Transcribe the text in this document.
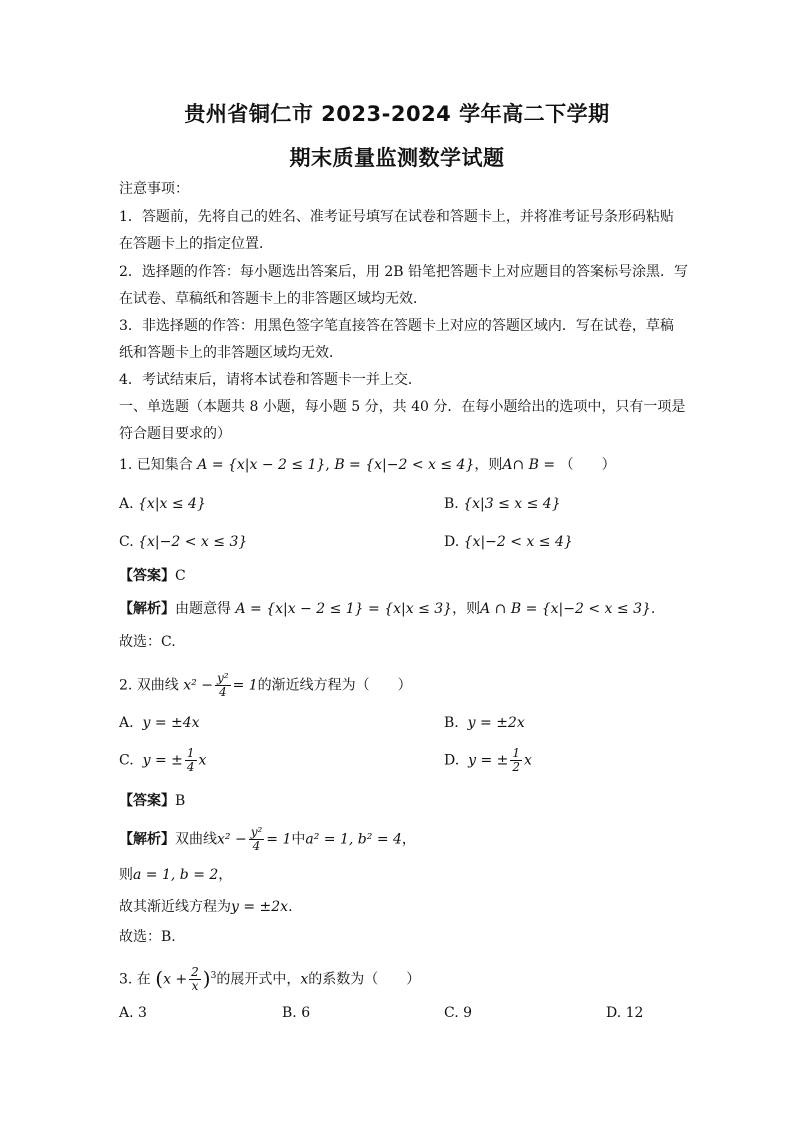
贵州省铜仁市 2023-2024 学年高二下学期
期末质量监测数学试题
注意事项：
1．答题前，先将自己的姓名、准考证号填写在试卷和答题卡上，并将准考证号条形码粘贴
在答题卡上的指定位置．
2．选择题的作答：每小题选出答案后，用 2B 铅笔把答题卡上对应题目的答案标号涂黑．写
在试卷、草稿纸和答题卡上的非答题区域均无效．
3．非选择题的作答：用黑色签字笔直接答在答题卡上对应的答题区域内．写在试卷，草稿
纸和答题卡上的非答题区域均无效．
4．考试结束后，请将本试卷和答题卡一并上交．
一、单选题（本题共 8 小题，每小题 5 分，共 40 分．在每小题给出的选项中，只有一项是
符合题目要求的）
1. 已知集合 A = {x|x − 2 ≤ 1}, B = {x|−2 < x ≤ 4}，则A∩ B = （　　）
A. {x|x ≤ 4}	B. {x|3 ≤ x ≤ 4}
C. {x|−2 < x ≤ 3}	D. {x|−2 < x ≤ 4}
【答案】C
【解析】由题意得 A = {x|x − 2 ≤ 1} = {x|x ≤ 3}，则A ∩ B = {x|−2 < x ≤ 3}.
故选：C.
2. 双曲线 $x^2 - \frac{\text{y²}}{4} = 1$的渐近线方程为（　　）
A. y = ±4x	B. y = ±2x
C. y = ± $\frac{1}{4}$ x	D. y = ± $\frac{1}{2}$ x
【答案】B
【解析】双曲线$x^2 - \frac{\text{y²}}{4} = 1$中a² = 1, b² = 4，
则a = 1, b = 2，
故其渐近线方程为y = ±2x.
故选：B.
3. 在 $(x + \frac{2}{x} )^3$的展开式中，x的系数为（　　）
A. 3	B. 6	C. 9	D. 12
